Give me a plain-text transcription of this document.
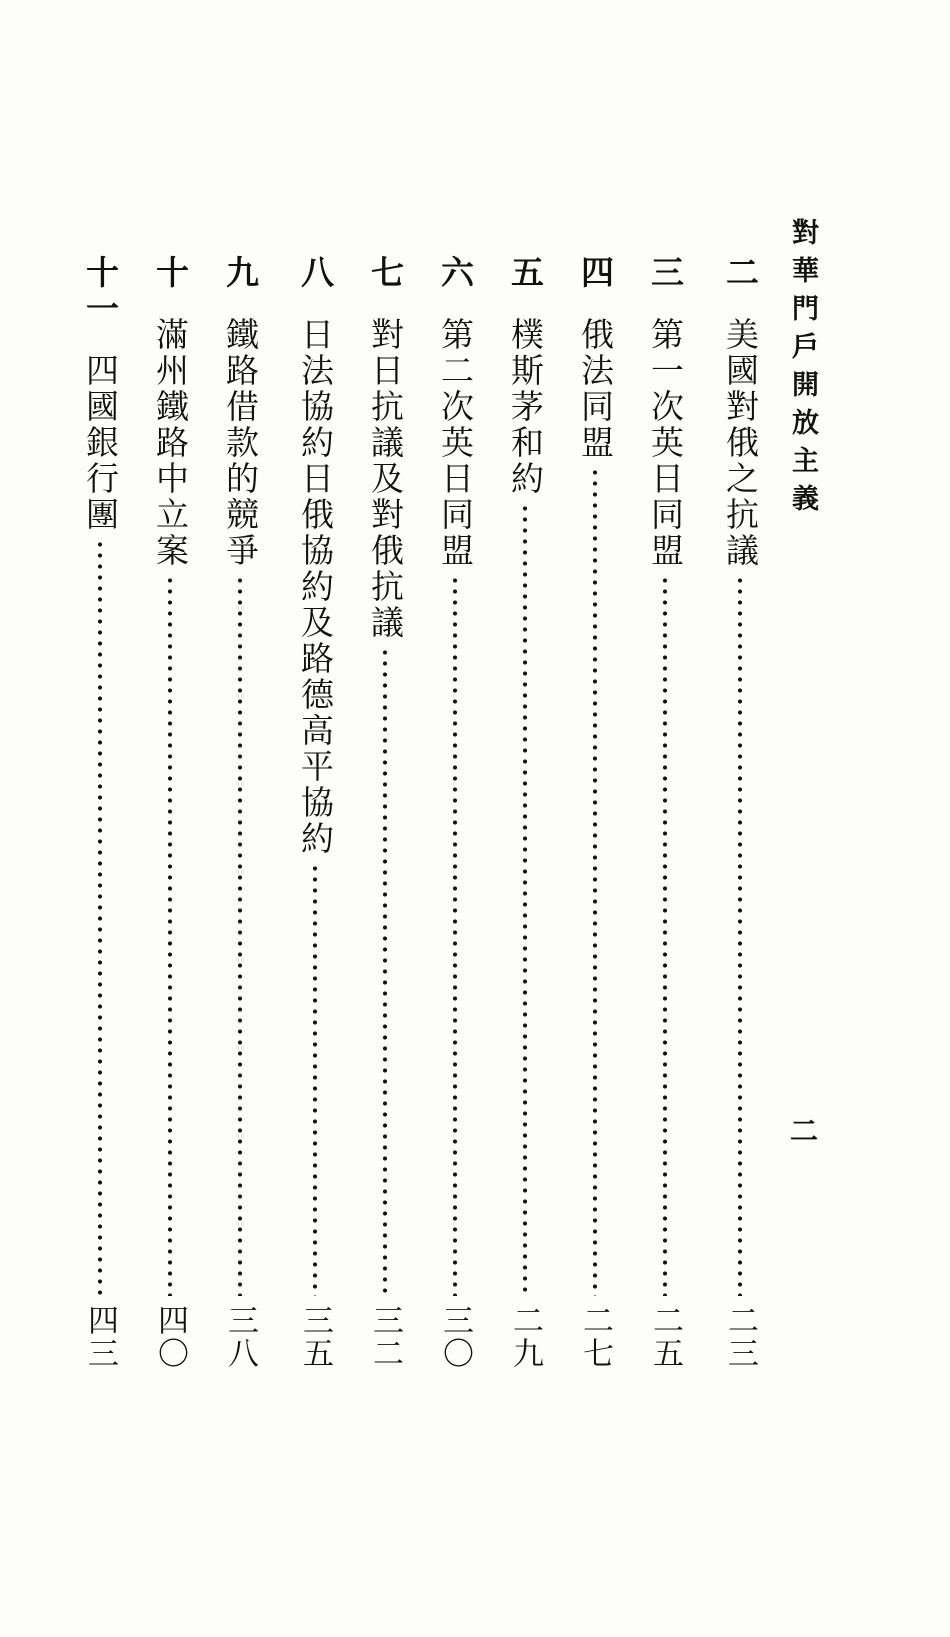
對華門戶開放主義
二
二
美國對俄之抗議
二三
三
第一次英日同盟
二五
四
俄法同盟
二七
五
樸斯茅和約
二九
六
第二次英日同盟
三〇
七
對日抗議及對俄抗議
三二
八
日法協約日俄協約及路德高平協約
三五
九
鐵路借款的競爭
三八
十
滿州鐵路中立案
四〇
十一
四國銀行團
四三
